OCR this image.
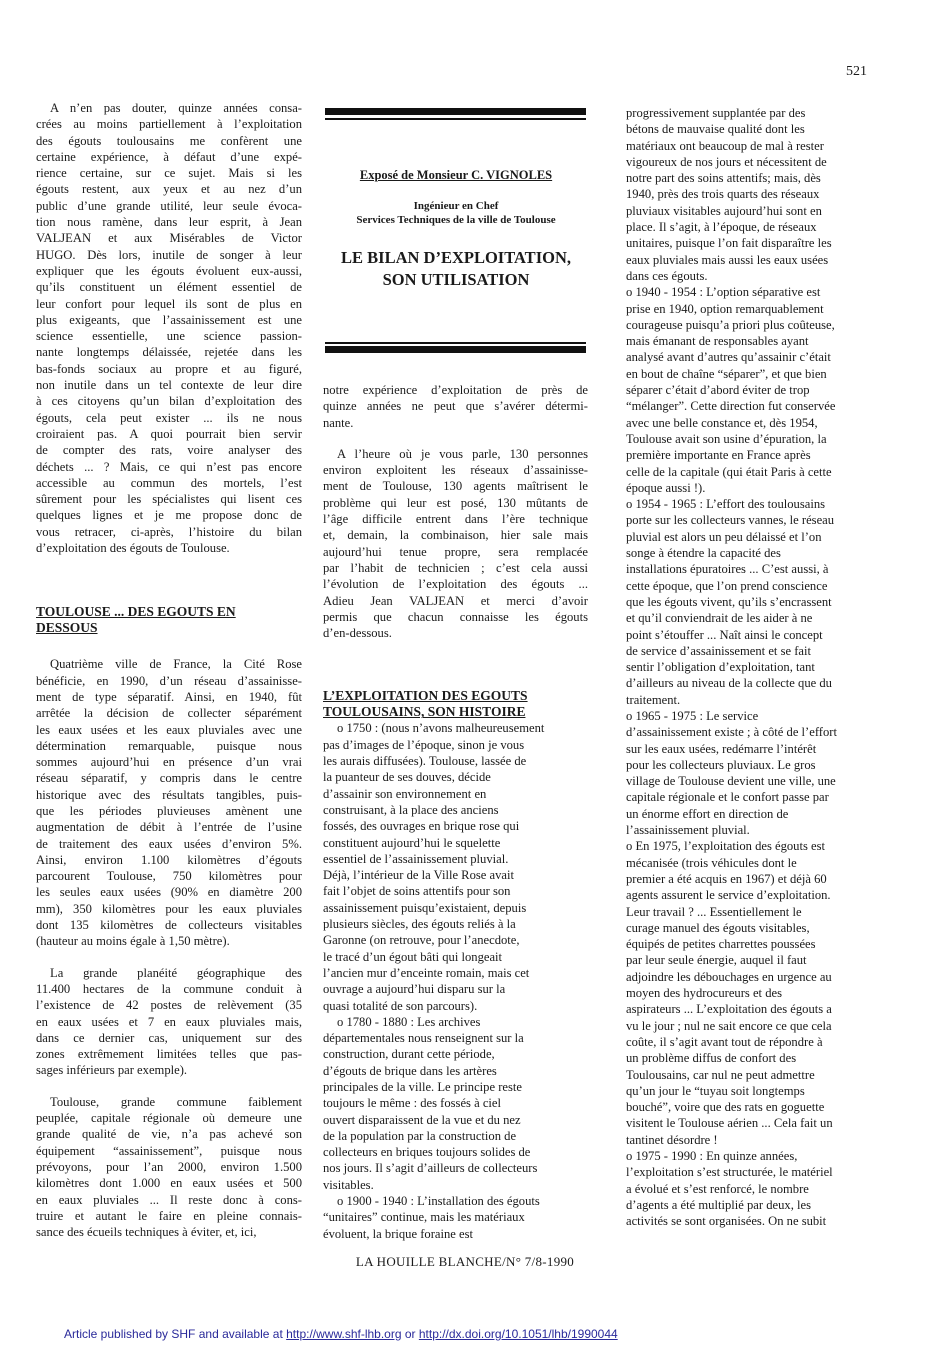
521
A n’en pas douter, quinze années consa-
crées au moins partiellement à l’exploitation
des égouts toulousains me confèrent une
certaine expérience, à défaut d’une expé-
rience certaine, sur ce sujet. Mais si les
égouts restent, aux yeux et au nez d’un
public d’une grande utilité, leur seule évoca-
tion nous ramène, dans leur esprit, à Jean
VALJEAN et aux Misérables de Victor
HUGO. Dès lors, inutile de songer à leur
expliquer que les égouts évoluent eux-aussi,
qu’ils constituent un élément essentiel de
leur confort pour lequel ils sont de plus en
plus exigeants, que l’assainissement est une
science essentielle, une science passion-
nante longtemps délaissée, rejetée dans les
bas-fonds sociaux au propre et au figuré,
non inutile dans un tel contexte de leur dire
à ces citoyens qu’un bilan d’exploitation des
égouts, cela peut exister ... ils ne nous
croiraient pas. A quoi pourrait bien servir
de compter des rats, voire analyser des
déchets ... ? Mais, ce qui n’est pas encore
accessible au commun des mortels, l’est
sûrement pour les spécialistes qui lisent ces
quelques lignes et je me propose donc de
vous retracer, ci-après, l’histoire du bilan
d’exploitation des égouts de Toulouse.
TOULOUSE ... DES EGOUTS EN
DESSOUS
Quatrième ville de France, la Cité Rose
bénéficie, en 1990, d’un réseau d’assainisse-
ment de type séparatif. Ainsi, en 1940, fût
arrêtée la décision de collecter séparément
les eaux usées et les eaux pluviales avec une
détermination remarquable, puisque nous
sommes aujourd’hui en présence d’un vrai
réseau séparatif, y compris dans le centre
historique avec des résultats tangibles, puis-
que les périodes pluvieuses amènent une
augmentation de débit à l’entrée de l’usine
de traitement des eaux usées d’environ 5%.
Ainsi, environ 1.100 kilomètres d’égouts
parcourent Toulouse, 750 kilomètres pour
les seules eaux usées (90% en diamètre 200
mm), 350 kilomètres pour les eaux pluviales
dont 135 kilomètres de collecteurs visitables
(hauteur au moins égale à 1,50 mètre).
La grande planéité géographique des
11.400 hectares de la commune conduit à
l’existence de 42 postes de relèvement (35
en eaux usées et 7 en eaux pluviales mais,
dans ce dernier cas, uniquement sur des
zones extrêmement limitées telles que pas-
sages inférieurs par exemple).
Toulouse, grande commune faiblement
peuplée, capitale régionale où demeure une
grande qualité de vie, n’a pas achevé son
équipement “assainissement”, puisque nous
prévoyons, pour l’an 2000, environ 1.500
kilomètres dont 1.000 en eaux usées et 500
en eaux pluviales ... Il reste donc à cons-
truire et autant le faire en pleine connais-
sance des écueils techniques à éviter, et, ici,
Exposé de Monsieur C. VIGNOLES
Ingénieur en Chef
Services Techniques de la ville de Toulouse
LE BILAN D’EXPLOITATION,
SON UTILISATION
notre expérience d’exploitation de près de
quinze années ne peut que s’avérer détermi-
nante.
A l’heure où je vous parle, 130 personnes
environ exploitent les réseaux d’assainisse-
ment de Toulouse, 130 agents maîtrisent le
problème qui leur est posé, 130 mûtants de
l’âge difficile entrent dans l’ère technique
et, demain, la combinaison, hier sale mais
aujourd’hui tenue propre, sera remplacée
par l’habit de technicien ; c’est cela aussi
l’évolution de l’exploitation des égouts ...
Adieu Jean VALJEAN et merci d’avoir
permis que chacun connaisse les égouts
d’en-dessous.
L’EXPLOITATION DES EGOUTS
TOULOUSAINS, SON HISTOIRE
o 1750 : (nous n’avons malheureusement
pas d’images de l’époque, sinon je vous
les aurais diffusées). Toulouse, lassée de
la puanteur de ses douves, décide
d’assainir son environnement en
construisant, à la place des anciens
fossés, des ouvrages en brique rose qui
constituent aujourd’hui le squelette
essentiel de l’assainissement pluvial.
Déjà, l’intérieur de la Ville Rose avait
fait l’objet de soins attentifs pour son
assainissement puisqu’existaient, depuis
plusieurs siècles, des égouts reliés à la
Garonne (on retrouve, pour l’anecdote,
le tracé d’un égout bâti qui longeait
l’ancien mur d’enceinte romain, mais cet
ouvrage a aujourd’hui disparu sur la
quasi totalité de son parcours).
o 1780 - 1880 : Les archives
départementales nous renseignent sur la
construction, durant cette période,
d’égouts de brique dans les artères
principales de la ville. Le principe reste
toujours le même : des fossés à ciel
ouvert disparaissent de la vue et du nez
de la population par la construction de
collecteurs en briques toujours solides de
nos jours. Il s’agit d’ailleurs de collecteurs
visitables.
o 1900 - 1940 : L’installation des égouts
“unitaires” continue, mais les matériaux
évoluent, la brique foraine est
progressivement supplantée par des
bétons de mauvaise qualité dont les
matériaux ont beaucoup de mal à rester
vigoureux de nos jours et nécessitent de
notre part des soins attentifs; mais, dès
1940, près des trois quarts des réseaux
pluviaux visitables aujourd’hui sont en
place. Il s’agit, à l’époque, de réseaux
unitaires, puisque l’on fait disparaître les
eaux pluviales mais aussi les eaux usées
dans ces égouts.
o 1940 - 1954 : L’option séparative est
prise en 1940, option remarquablement
courageuse puisqu’a priori plus coûteuse,
mais émanant de responsables ayant
analysé avant d’autres qu’assainir c’était
en bout de chaîne “séparer”, et que bien
séparer c’était d’abord éviter de trop
“mélanger”. Cette direction fut conservée
avec une belle constance et, dès 1954,
Toulouse avait son usine d’épuration, la
première importante en France après
celle de la capitale (qui était Paris à cette
époque aussi !).
o 1954 - 1965 : L’effort des toulousains
porte sur les collecteurs vannes, le réseau
pluvial est alors un peu délaissé et l’on
songe à étendre la capacité des
installations épuratoires ... C’est aussi, à
cette époque, que l’on prend conscience
que les égouts vivent, qu’ils s’encrassent
et qu’il conviendrait de les aider à ne
point s’étouffer ... Naît ainsi le concept
de service d’assainissement et se fait
sentir l’obligation d’exploitation, tant
d’ailleurs au niveau de la collecte que du
traitement.
o 1965 - 1975 : Le service
d’assainissement existe ; à côté de l’effort
sur les eaux usées, redémarre l’intérêt
pour les collecteurs pluviaux. Le gros
village de Toulouse devient une ville, une
capitale régionale et le confort passe par
un énorme effort en direction de
l’assainissement pluvial.
o En 1975, l’exploitation des égouts est
mécanisée (trois véhicules dont le
premier a été acquis en 1967) et déjà 60
agents assurent le service d’exploitation.
Leur travail ? ... Essentiellement le
curage manuel des égouts visitables,
équipés de petites charrettes poussées
par leur seule énergie, auquel il faut
adjoindre les débouchages en urgence au
moyen des hydrocureurs et des
aspirateurs ... L’exploitation des égouts a
vu le jour ; nul ne sait encore ce que cela
coûte, il s’agit avant tout de répondre à
un problème diffus de confort des
Toulousains, car nul ne peut admettre
qu’un jour le “tuyau soit longtemps
bouché”, voire que des rats en goguette
visitent le Toulouse aérien ... Cela fait un
tantinet désordre !
o 1975 - 1990 : En quinze années,
l’exploitation s’est structurée, le matériel
a évolué et s’est renforcé, le nombre
d’agents a été multiplié par deux, les
activités se sont organisées. On ne subit
LA HOUILLE BLANCHE/N° 7/8-1990
Article published by SHF and available at http://www.shf-lhb.org or http://dx.doi.org/10.1051/lhb/1990044
